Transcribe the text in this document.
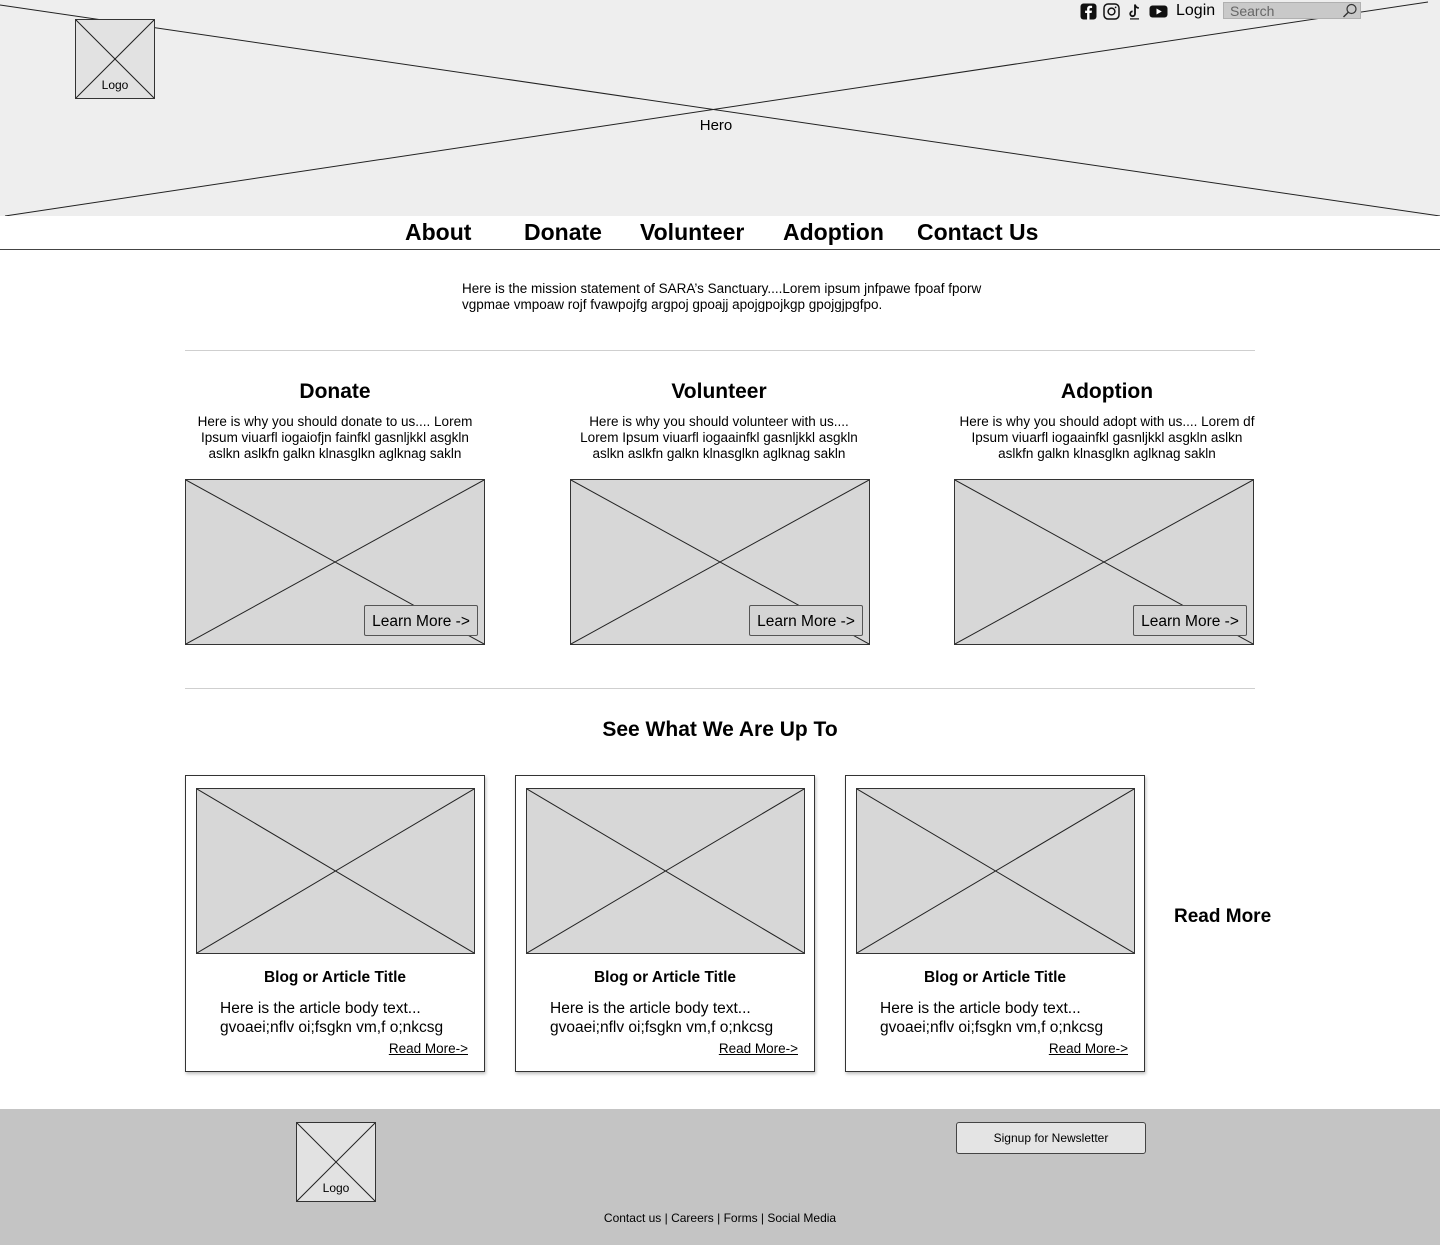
Hero
Logo
Login
Search
About Donate Volunteer Adoption Contact Us
Here is the mission statement of SARA’s Sanctuary....Lorem ipsum jnfpawe fpoaf fporw vgpmae vmpoaw rojf fvawpojfg argpoj gpoajj apojgpojkgp gpojgjpgfpo.
Donate
Here is why you should donate to us.... Lorem Ipsum viuarfl iogaiofjn fainfkl gasnljkkl asgkln aslkn aslkfn galkn klnasglkn aglknag sakln
Learn More ->
Volunteer
Here is why you should volunteer with us.... Lorem Ipsum viuarfl iogaainfkl gasnljkkl asgkln aslkn aslkfn galkn klnasglkn aglknag sakln
Learn More ->
Adoption
Here is why you should adopt with us.... Lorem df Ipsum viuarfl iogaainfkl gasnljkkl asgkln aslkn aslkfn galkn klnasglkn aglknag sakln
Learn More ->
See What We Are Up To
Blog or Article Title
Here is the article body text... gvoaei;nflv oi;fsgkn vm,f o;nkcsg
Read More->
Blog or Article Title
Here is the article body text... gvoaei;nflv oi;fsgkn vm,f o;nkcsg
Read More->
Blog or Article Title
Here is the article body text... gvoaei;nflv oi;fsgkn vm,f o;nkcsg
Read More->
Read More
Logo
Signup for Newsletter
Contact us | Careers | Forms | Social Media
